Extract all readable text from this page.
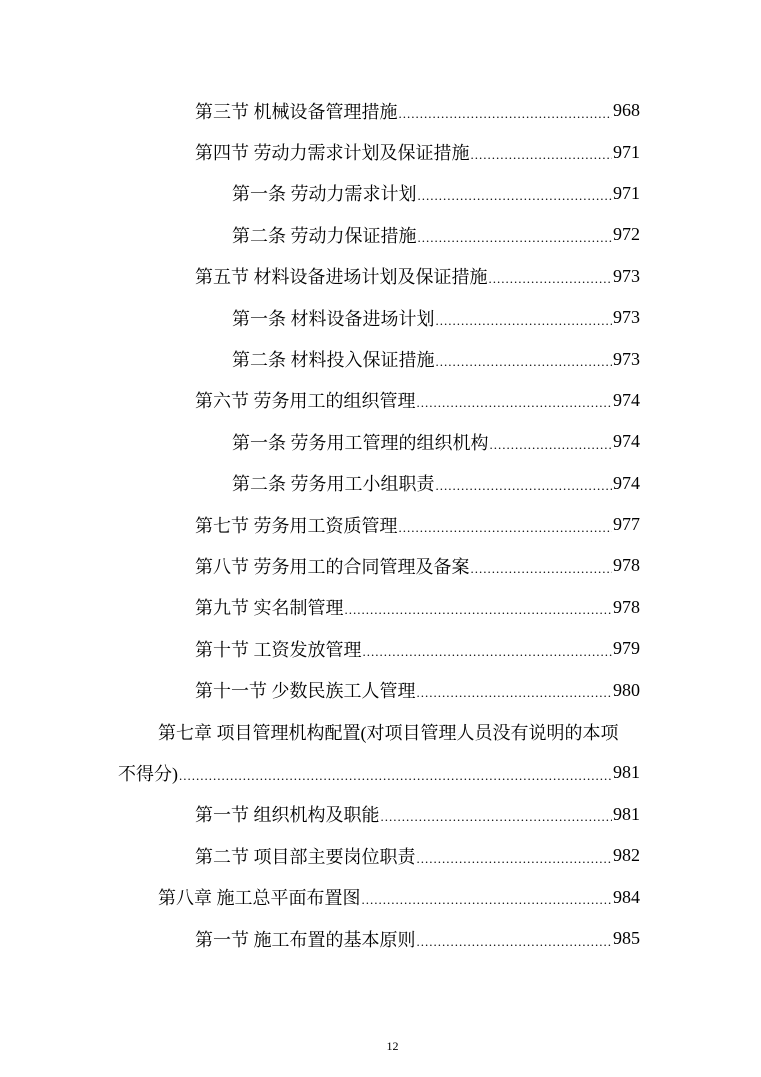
第三节 机械设备管理措施 .....	968
第四节 劳动力需求计划及保证措施 .....	971
第一条 劳动力需求计划 .....	971
第二条 劳动力保证措施 .....	972
第五节 材料设备进场计划及保证措施 .....	973
第一条 材料设备进场计划 .....	973
第二条 材料投入保证措施 .....	973
第六节 劳务用工的组织管理 .....	974
第一条 劳务用工管理的组织机构 .....	974
第二条 劳务用工小组职责 .....	974
第七节 劳务用工资质管理 .....	977
第八节 劳务用工的合同管理及备案 .....	978
第九节 实名制管理 .....	978
第十节 工资发放管理 .....	979
第十一节 少数民族工人管理 .....	980
第七章 项目管理机构配置(对项目管理人员没有说明的本项
不得分) .....	981
第一节 组织机构及职能 .....	981
第二节 项目部主要岗位职责 .....	982
第八章 施工总平面布置图 .....	984
第一节 施工布置的基本原则 .....	985
12
